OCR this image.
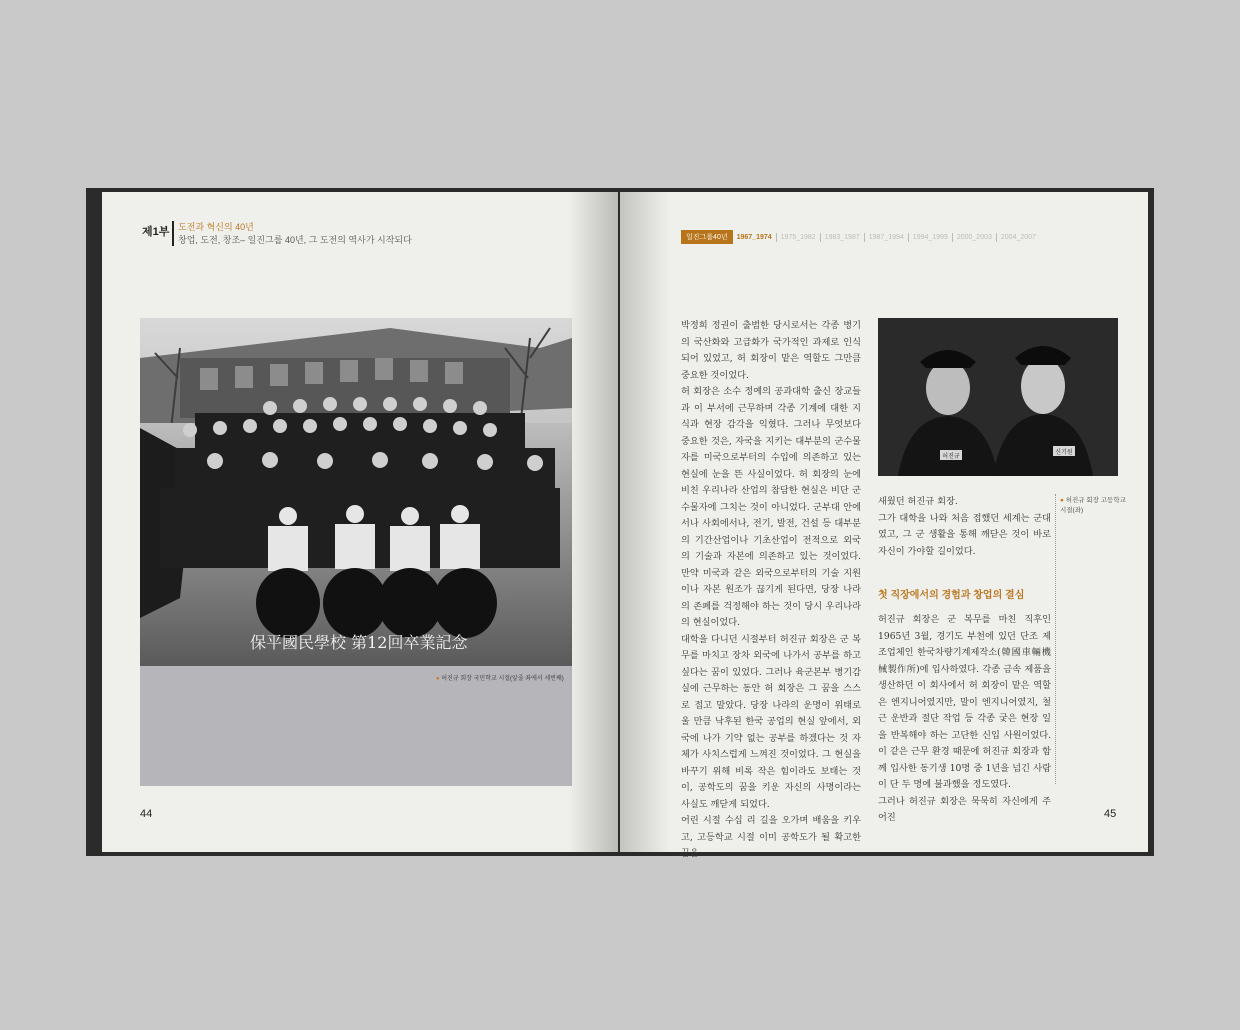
제1부 도전과 혁신의 40년
창업, 도전, 창조– 일진그룹 40년, 그 도전의 역사가 시작되다
保平國民學校 第12回卒業記念
● 허진규 회장 국민학교 시절(앞줄 좌에서 세번째)
44
일진그룹40년	1967_1974	1975_1982	1983_1987	1987_1994	1994_1999	2000_2003	2004_2007

박정희 정권이 출범한 당시로서는 각종 병기의 국산화와 고급화가 국가적인 과제로 인식되어 있었고, 허 회장이 맡은 역할도 그만큼 중요한 것이었다.

허 회장은 소수 정예의 공과대학 출신 장교들과 이 부서에 근무하며 각종 기계에 대한 지식과 현장 감각을 익혔다. 그러나 무엇보다 중요한 것은, 자국을 지키는 대부분의 군수물자를 미국으로부터의 수입에 의존하고 있는 현실에 눈을 뜬 사실이었다. 허 회장의 눈에 비친 우리나라 산업의 참담한 현실은 비단 군수물자에 그치는 것이 아니었다. 군부대 안에서나 사회에서나, 전기, 발전, 건설 등 대부분의 기간산업이나 기초산업이 전적으로 외국의 기술과 자본에 의존하고 있는 것이었다. 만약 미국과 같은 외국으로부터의 기술 지원이나 자본 원조가 끊기게 된다면, 당장 나라의 존폐를 걱정해야 하는 것이 당시 우리나라의 현실이었다.

대학을 다니던 시절부터 허진규 회장은 군 복무를 마치고 장차 외국에 나가서 공부를 하고 싶다는 꿈이 있었다. 그러나 육군본부 병기감실에 근무하는 동안 허 회장은 그 꿈을 스스로 접고 말았다. 당장 나라의 운명이 위태로울 만큼 낙후된 한국 공업의 현실 앞에서, 외국에 나가 기약 없는 공부를 하겠다는 것 자체가 사치스럽게 느껴진 것이었다. 그 현실을 바꾸기 위해 비록 작은 힘이라도 보태는 것이, 공학도의 꿈을 키운 자신의 사명이라는 사실도 깨닫게 되었다.

어린 시절 수십 리 길을 오가며 배움을 키우고, 고등학교 시절 이미 공학도가 될 확고한 꿈을

허진규
신기원

새웠던 허진규 회장.

그가 대학을 나와 처음 접했던 세계는 군대였고, 그 군 생활을 통해 깨닫은 것이 바로 자신이 가야할 길이었다.

첫 직장에서의 경험과 창업의 결심

허진규 회장은 군 복무를 마친 직후인 1965년 3월, 경기도 부천에 있던 단조 제조업체인 한국차량기계제작소(韓國車輛機械製作所)에 입사하였다. 각종 금속 제품을 생산하던 이 회사에서 허 회장이 맡은 역할은 엔지니어였지만, 말이 엔지니어였지, 철근 운반과 절단 작업 등 각종 궂은 현장 일을 반복해야 하는 고단한 신입 사원이었다. 이 같은 근무 환경 때문에 허진규 회장과 함께 입사한 동기생 10명 중 1년을 넘긴 사람이 단 두 명에 불과했을 정도였다.

그러나 허진규 회장은 묵묵히 자신에게 주어진

● 허진규 회장 고등학교 시절(좌)
45
